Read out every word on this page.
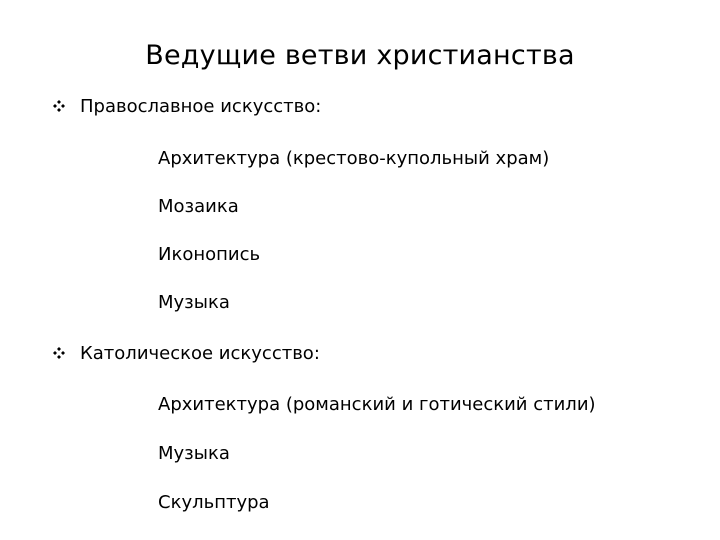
Ведущие ветви христианства
Православное искусство:
Архитектура (крестово-купольный храм)
Мозаика
Иконопись
Музыка
Католическое искусство:
Архитектура (романский и готический стили)
Музыка
Скульптура
